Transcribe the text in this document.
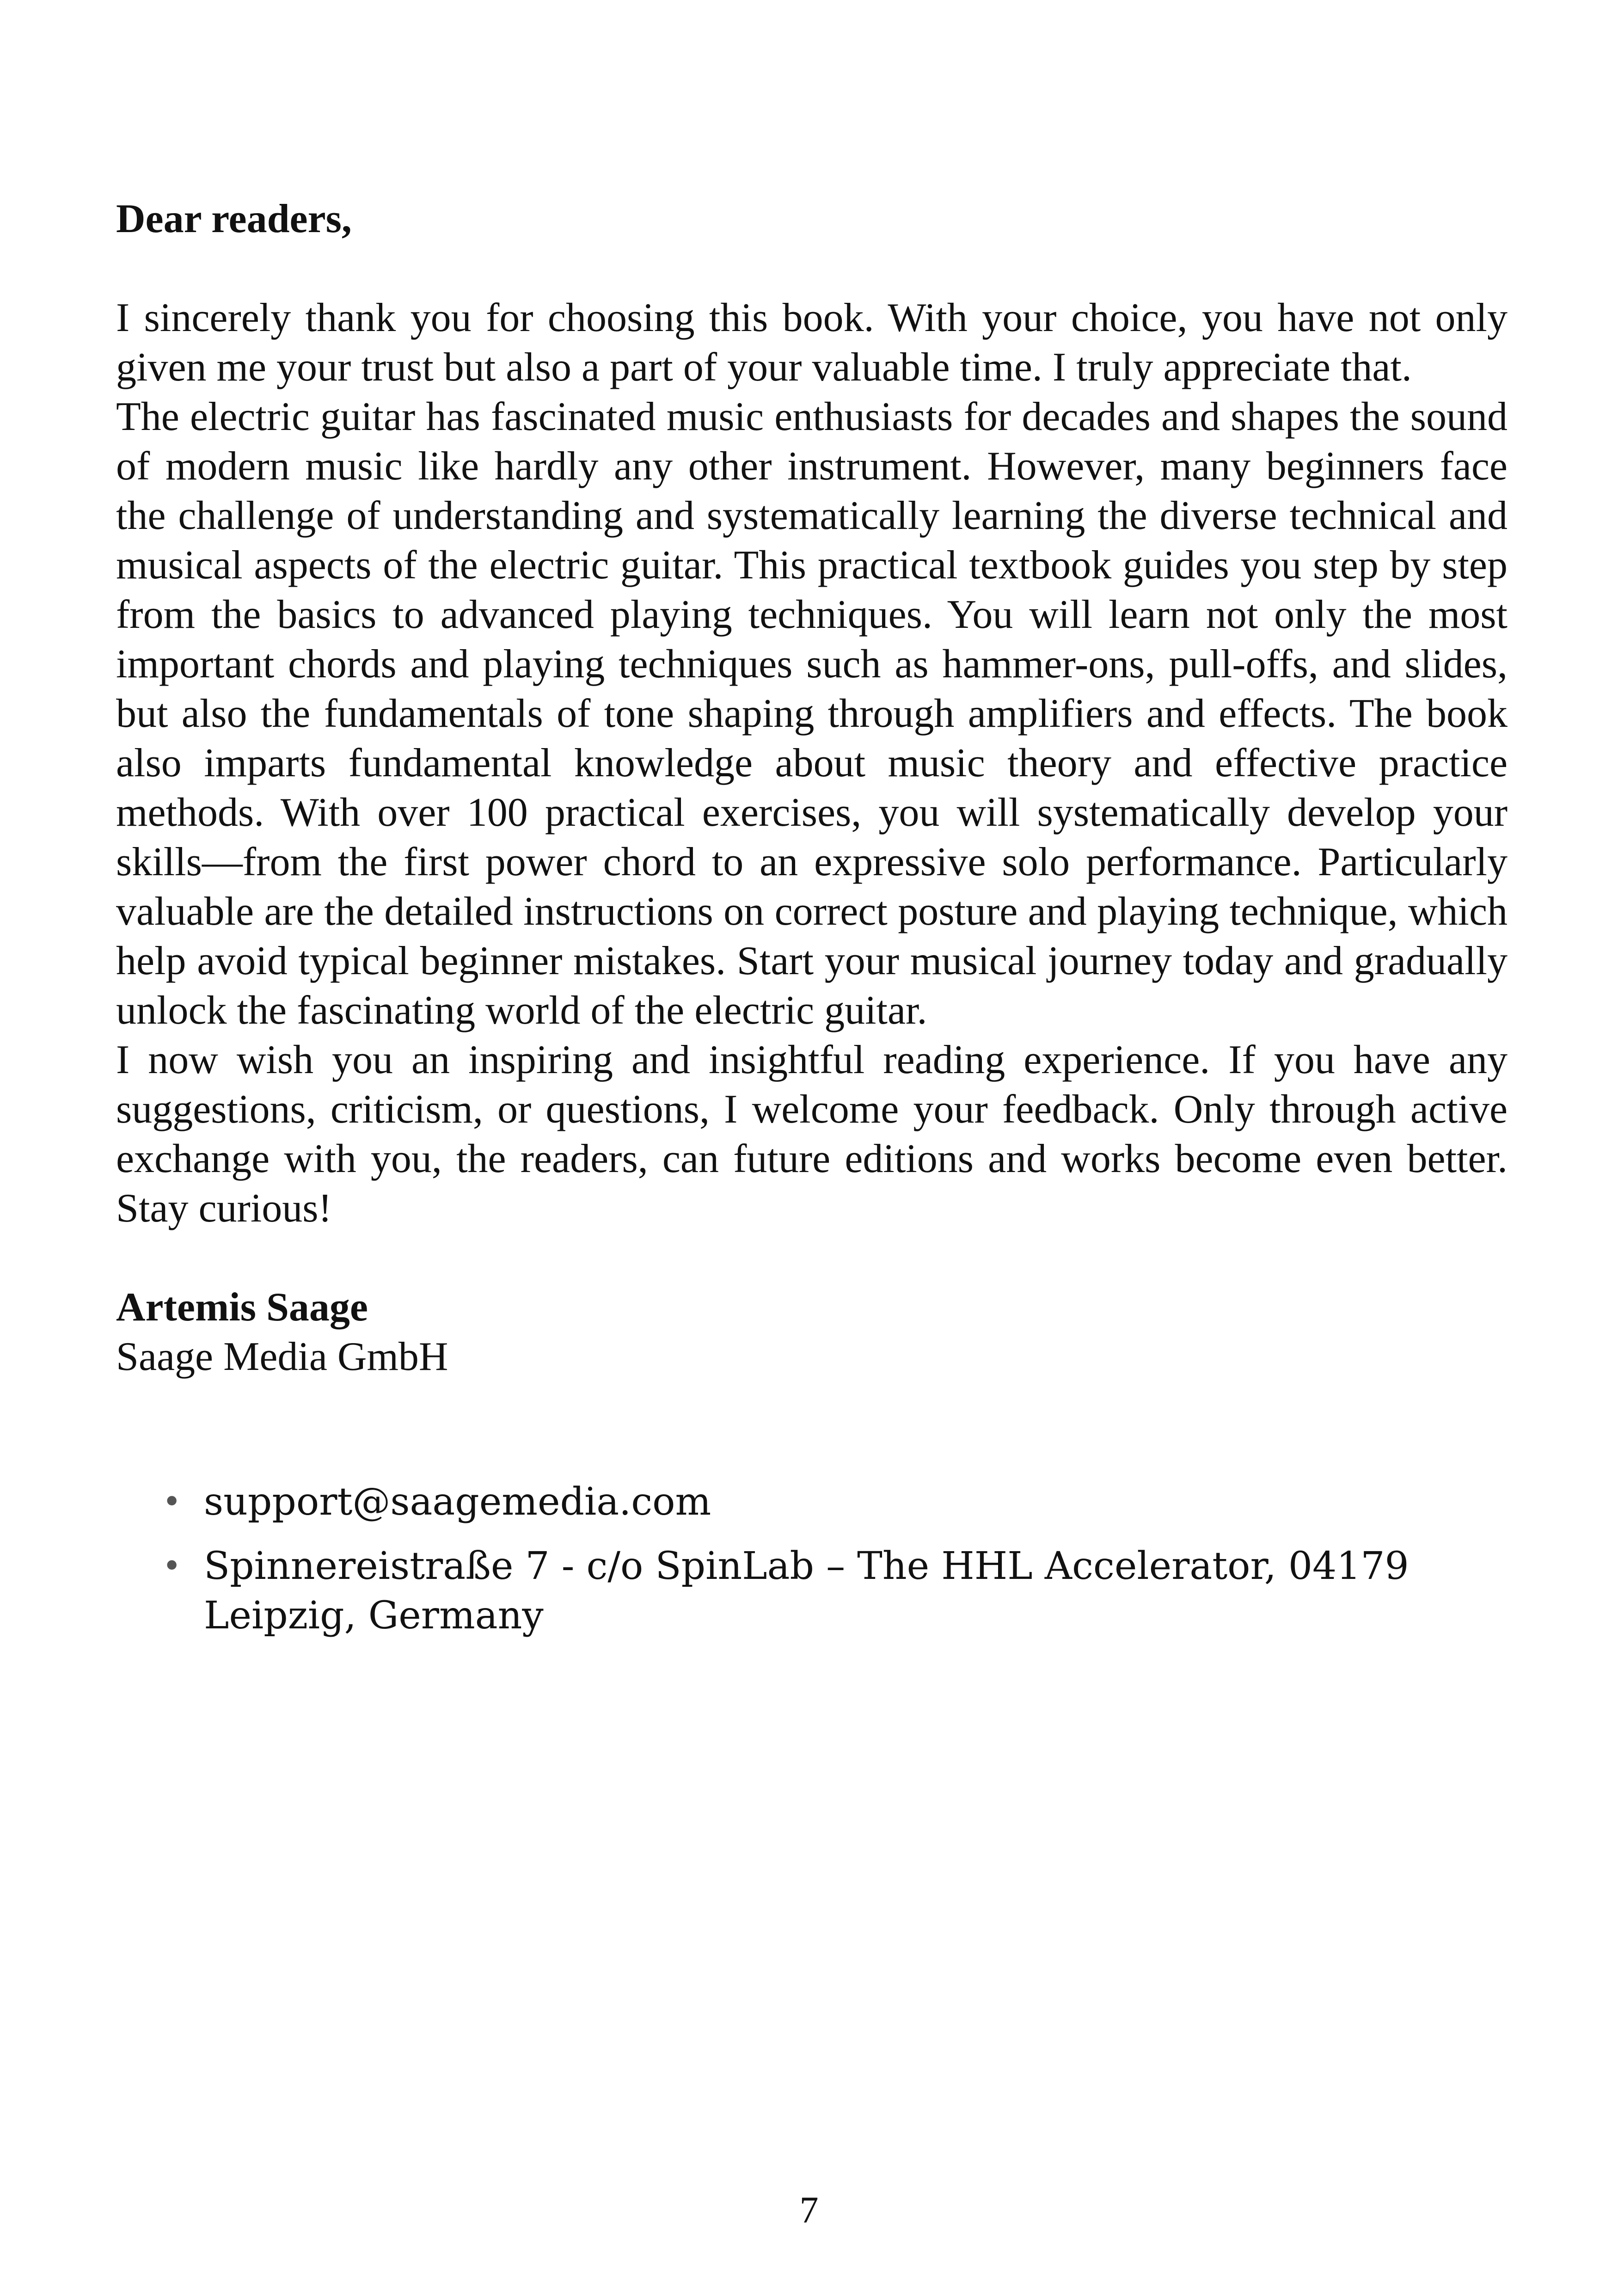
Dear readers,

I sincerely thank you for choosing this book. With your choice, you have not only given me your trust but also a part of your valuable time. I truly appreciate that.

The electric guitar has fascinated music enthusiasts for decades and shapes the sound of modern music like hardly any other instrument. However, many beginners face the challenge of understanding and systematically learning the diverse technical and musical aspects of the electric guitar. This practical textbook guides you step by step from the basics to advanced playing techniques. You will learn not only the most important chords and playing techniques such as hammer-ons, pull-offs, and slides, but also the fundamentals of tone shaping through amplifiers and effects. The book also imparts fundamental knowledge about music theory and effective practice methods. With over 100 practical exercises, you will systematically develop your skills—from the first power chord to an expressive solo performance. Particularly valuable are the detailed instructions on correct posture and playing technique, which help avoid typical beginner mistakes. Start your musical journey today and gradually unlock the fascinating world of the electric guitar.

I now wish you an inspiring and insightful reading experience. If you have any suggestions, criticism, or questions, I welcome your feedback. Only through active exchange with you, the readers, can future editions and works become even better. Stay curious!

Artemis Saage

Saage Media GmbH

• support@saagemedia.com
• Spinnereistraße 7 - c/o SpinLab – The HHL Accelerator, 04179 Leipzig, Germany
7
